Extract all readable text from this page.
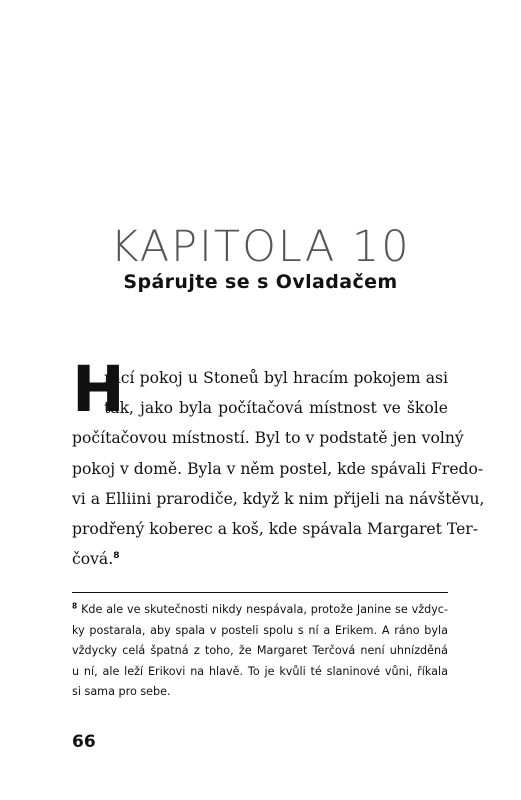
KAPITOLA 10
Spárujte se s Ovladačem
H
rací pokoj u Stoneů byl hracím pokojem asi
tak, jako byla počítačová místnost ve škole
počítačovou místností. Byl to v podstatě jen volný
pokoj v domě. Byla v něm postel, kde spávali Fredo-
vi a Elliini prarodiče, když k nim přijeli na návštěvu,
prodřený koberec a koš, kde spávala Margaret Ter-
čová.$^8$
$^8$ Kde ale ve skutečnosti nikdy nespávala, protože Janine se vždyc-
ky postarala, aby spala v posteli spolu s ní a Erikem. A ráno byla
vždycky celá špatná z toho, že Margaret Terčová není uhnízděná
u ní, ale leží Erikovi na hlavě. To je kvůli té slaninové vůni, říkala
si sama pro sebe.
66
